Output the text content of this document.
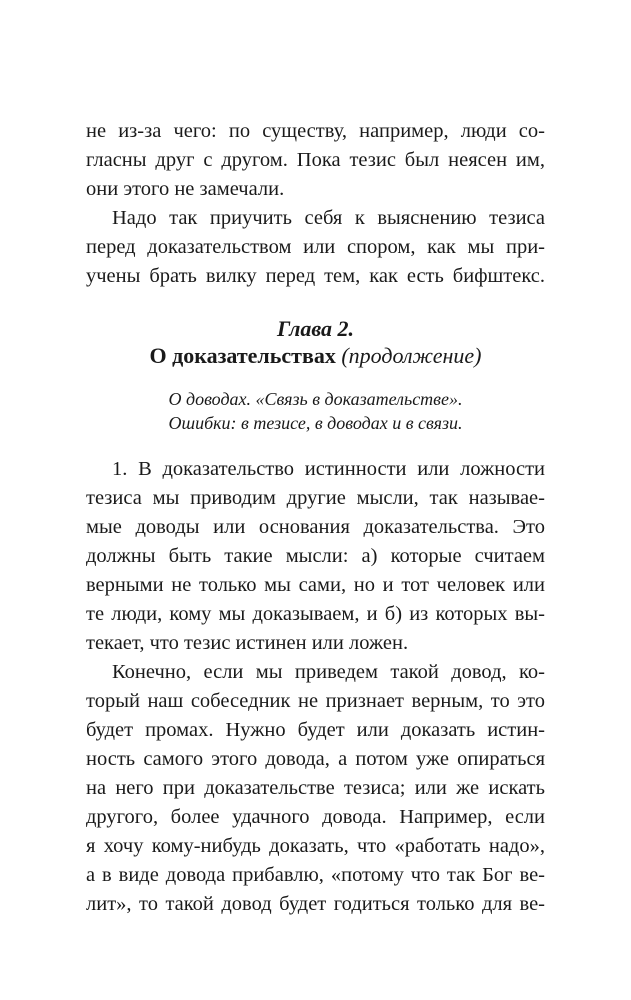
не из-за чего: по существу, например, люди со-
гласны друг с другом. Пока тезис был неясен им,
они этого не замечали.
Надо так приучить себя к выяснению тезиса
перед доказательством или спором, как мы при-
учены брать вилку перед тем, как есть бифштекс.
Глава 2.
О доказательствах (продолжение)
О доводах. «Связь в доказательстве».
Ошибки: в тезисе, в доводах и в связи.
1. В доказательство истинности или ложности
тезиса мы приводим другие мысли, так называе-
мые доводы или основания доказательства. Это
должны быть такие мысли: а) которые считаем
верными не только мы сами, но и тот человек или
те люди, кому мы доказываем, и б) из которых вы-
текает, что тезис истинен или ложен.
Конечно, если мы приведем такой довод, ко-
торый наш собеседник не признает верным, то это
будет промах. Нужно будет или доказать истин-
ность самого этого довода, а потом уже опираться
на него при доказательстве тезиса; или же искать
другого, более удачного довода. Например, если
я хочу кому-нибудь доказать, что «работать надо»,
а в виде довода прибавлю, «потому что так Бог ве-
лит», то такой довод будет годиться только для ве-
